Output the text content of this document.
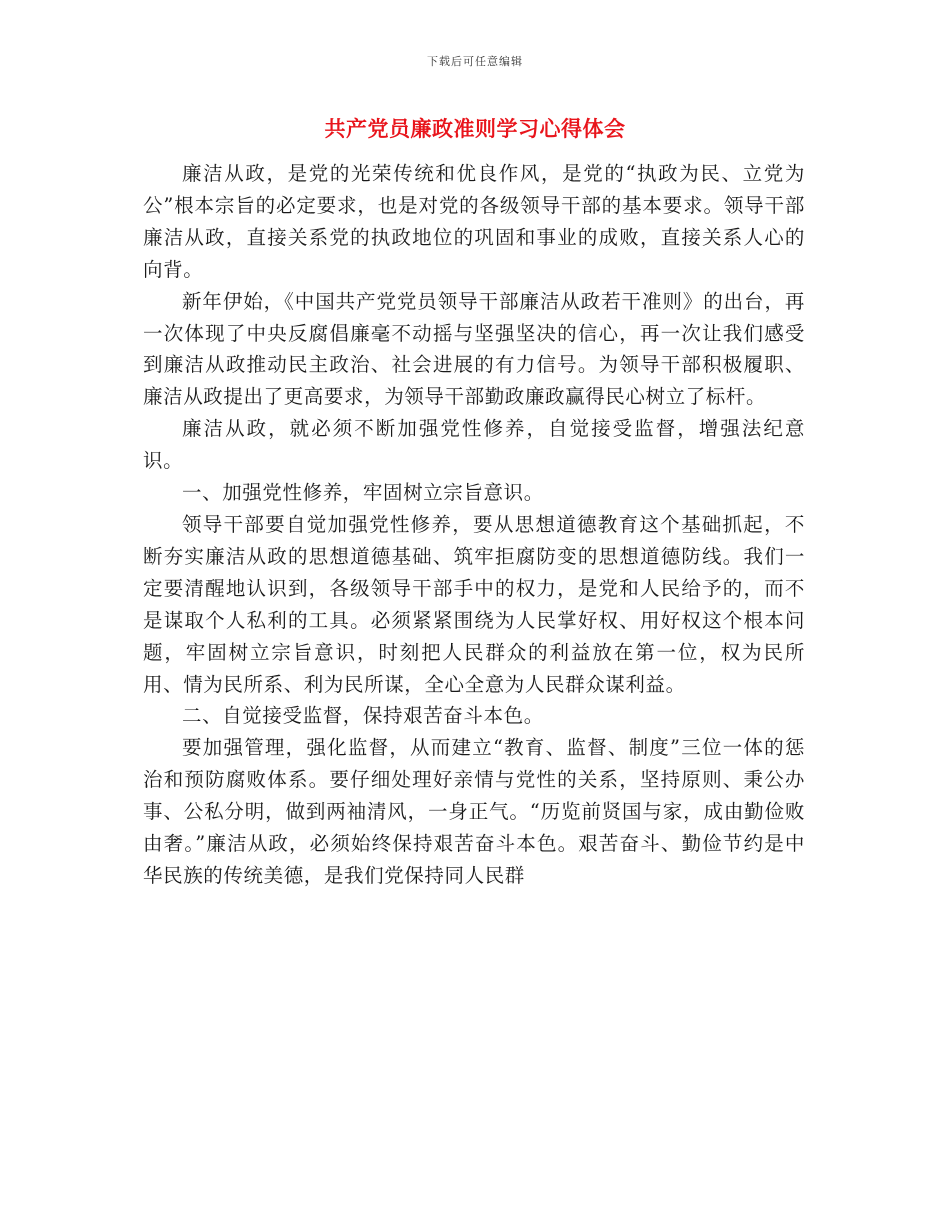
下载后可任意编辑
共产党员廉政准则学习心得体会

廉洁从政，是党的光荣传统和优良作风，是党的“执政为民、立党为公”根本宗旨的必定要求，也是对党的各级领导干部的基本要求。领导干部廉洁从政，直接关系党的执政地位的巩固和事业的成败，直接关系人心的向背。

新年伊始，《中国共产党党员领导干部廉洁从政若干准则》的出台，再一次体现了中央反腐倡廉毫不动摇与坚强坚决的信心，再一次让我们感受到廉洁从政推动民主政治、社会进展的有力信号。为领导干部积极履职、廉洁从政提出了更高要求，为领导干部勤政廉政赢得民心树立了标杆。

廉洁从政，就必须不断加强党性修养，自觉接受监督，增强法纪意识。

一、加强党性修养，牢固树立宗旨意识。

领导干部要自觉加强党性修养，要从思想道德教育这个基础抓起，不断夯实廉洁从政的思想道德基础、筑牢拒腐防变的思想道德防线。我们一定要清醒地认识到，各级领导干部手中的权力，是党和人民给予的，而不是谋取个人私利的工具。必须紧紧围绕为人民掌好权、用好权这个根本问题，牢固树立宗旨意识，时刻把人民群众的利益放在第一位，权为民所用、情为民所系、利为民所谋，全心全意为人民群众谋利益。

二、自觉接受监督，保持艰苦奋斗本色。

要加强管理，强化监督，从而建立“教育、监督、制度”三位一体的惩治和预防腐败体系。要仔细处理好亲情与党性的关系，坚持原则、秉公办事、公私分明，做到两袖清风，一身正气。“历览前贤国与家，成由勤俭败由奢。”廉洁从政，必须始终保持艰苦奋斗本色。艰苦奋斗、勤俭节约是中华民族的传统美德，是我们党保持同人民群
